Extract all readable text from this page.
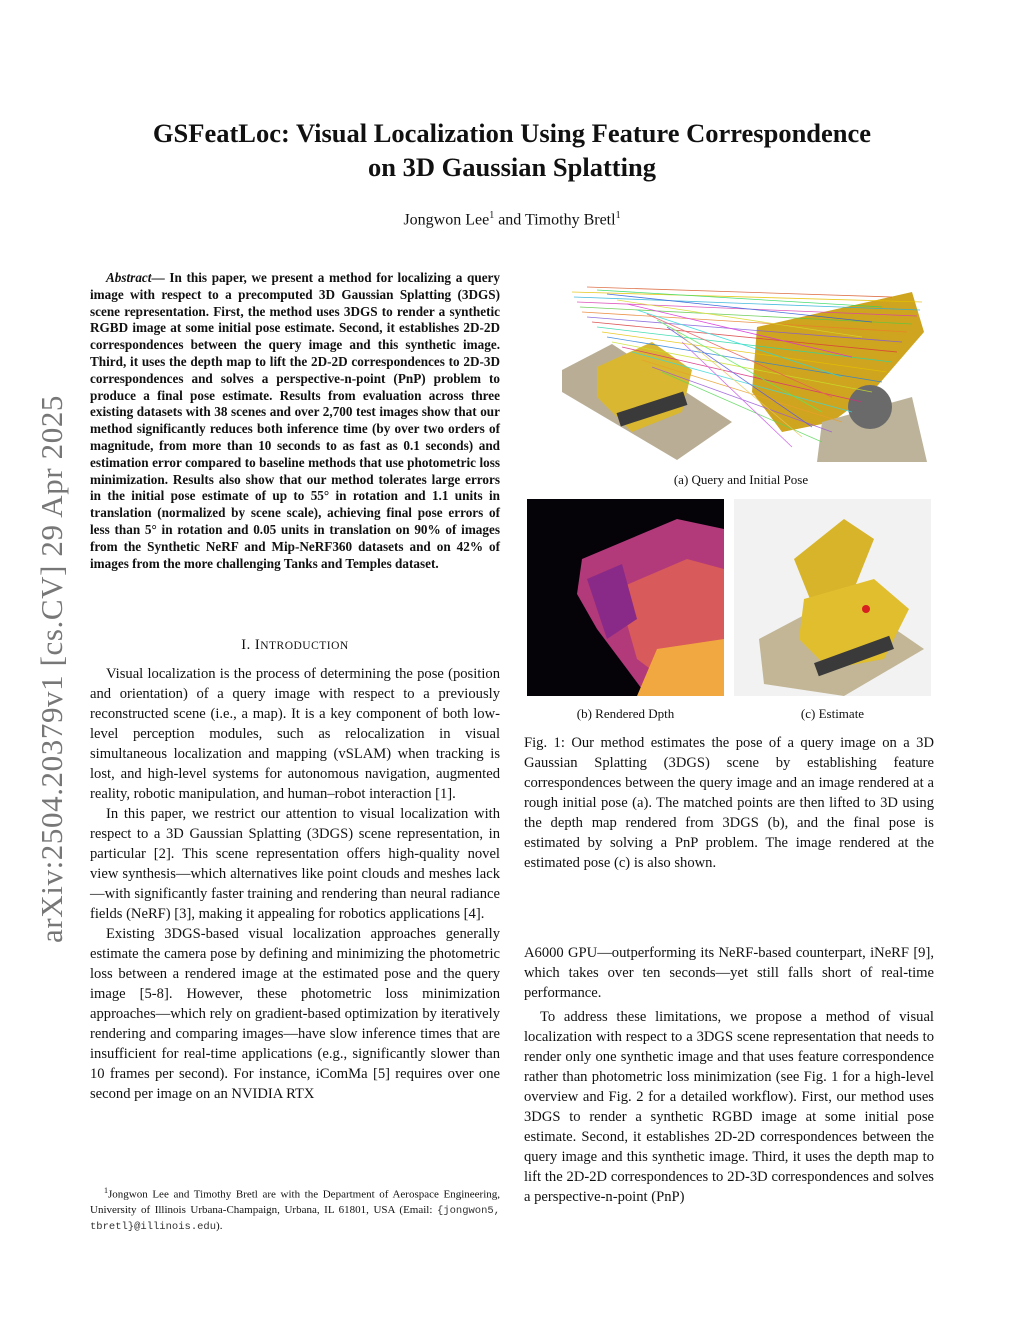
arXiv:2504.20379v1 [cs.CV] 29 Apr 2025
GSFeatLoc: Visual Localization Using Feature Correspondence
on 3D Gaussian Splatting
Jongwon Lee$^1$ and Timothy Bretl$^1$
Abstract— In this paper, we present a method for localizing a query image with respect to a precomputed 3D Gaussian Splatting (3DGS) scene representation. First, the method uses 3DGS to render a synthetic RGBD image at some initial pose estimate. Second, it establishes 2D-2D correspondences between the query image and this synthetic image. Third, it uses the depth map to lift the 2D-2D correspondences to 2D-3D correspondences and solves a perspective-n-point (PnP) problem to produce a final pose estimate. Results from evaluation across three existing datasets with 38 scenes and over 2,700 test images show that our method significantly reduces both inference time (by over two orders of magnitude, from more than 10 seconds to as fast as 0.1 seconds) and estimation error compared to baseline methods that use photometric loss minimization. Results also show that our method tolerates large errors in the initial pose estimate of up to 55° in rotation and 1.1 units in translation (normalized by scene scale), achieving final pose errors of less than 5° in rotation and 0.05 units in translation on 90% of images from the Synthetic NeRF and Mip-NeRF360 datasets and on 42% of images from the more challenging Tanks and Temples dataset.
I. INTRODUCTION

Visual localization is the process of determining the pose (position and orientation) of a query image with respect to a previously reconstructed scene (i.e., a map). It is a key component of both low-level perception modules, such as relocalization in visual simultaneous localization and mapping (vSLAM) when tracking is lost, and high-level systems for autonomous navigation, augmented reality, robotic manipulation, and human–robot interaction [1].

In this paper, we restrict our attention to visual localization with respect to a 3D Gaussian Splatting (3DGS) scene representation, in particular [2]. This scene representation offers high-quality novel view synthesis—which alternatives like point clouds and meshes lack—with significantly faster training and rendering than neural radiance fields (NeRF) [3], making it appealing for robotics applications [4].

Existing 3DGS-based visual localization approaches generally estimate the camera pose by defining and minimizing the photometric loss between a rendered image at the estimated pose and the query image [5-8]. However, these photometric loss minimization approaches—which rely on gradient-based optimization by iteratively rendering and comparing images—have slow inference times that are insufficient for real-time applications (e.g., significantly slower than 10 frames per second). For instance, iComMa [5] requires over one second per image on an NVIDIA RTX

$^1$Jongwon Lee and Timothy Bretl are with the Department of Aerospace Engineering, University of Illinois Urbana-Champaign, Urbana, IL 61801, USA (Email: {jongwon5, tbretl}@illinois.edu).
(a) Query and Initial Pose
(b) Rendered Dpth	(c) Estimate
Fig. 1: Our method estimates the pose of a query image on a 3D Gaussian Splatting (3DGS) scene by establishing feature correspondences between the query image and an image rendered at a rough initial pose (a). The matched points are then lifted to 3D using the depth map rendered from 3DGS (b), and the final pose is estimated by solving a PnP problem. The image rendered at the estimated pose (c) is also shown.

A6000 GPU—outperforming its NeRF-based counterpart, iNeRF [9], which takes over ten seconds—yet still falls short of real-time performance.

To address these limitations, we propose a method of visual localization with respect to a 3DGS scene representation that needs to render only one synthetic image and that uses feature correspondence rather than photometric loss minimization (see Fig. 1 for a high-level overview and Fig. 2 for a detailed workflow). First, our method uses 3DGS to render a synthetic RGBD image at some initial pose estimate. Second, it establishes 2D-2D correspondences between the query image and this synthetic image. Third, it uses the depth map to lift the 2D-2D correspondences to 2D-3D correspondences and solves a perspective-n-point (PnP)
